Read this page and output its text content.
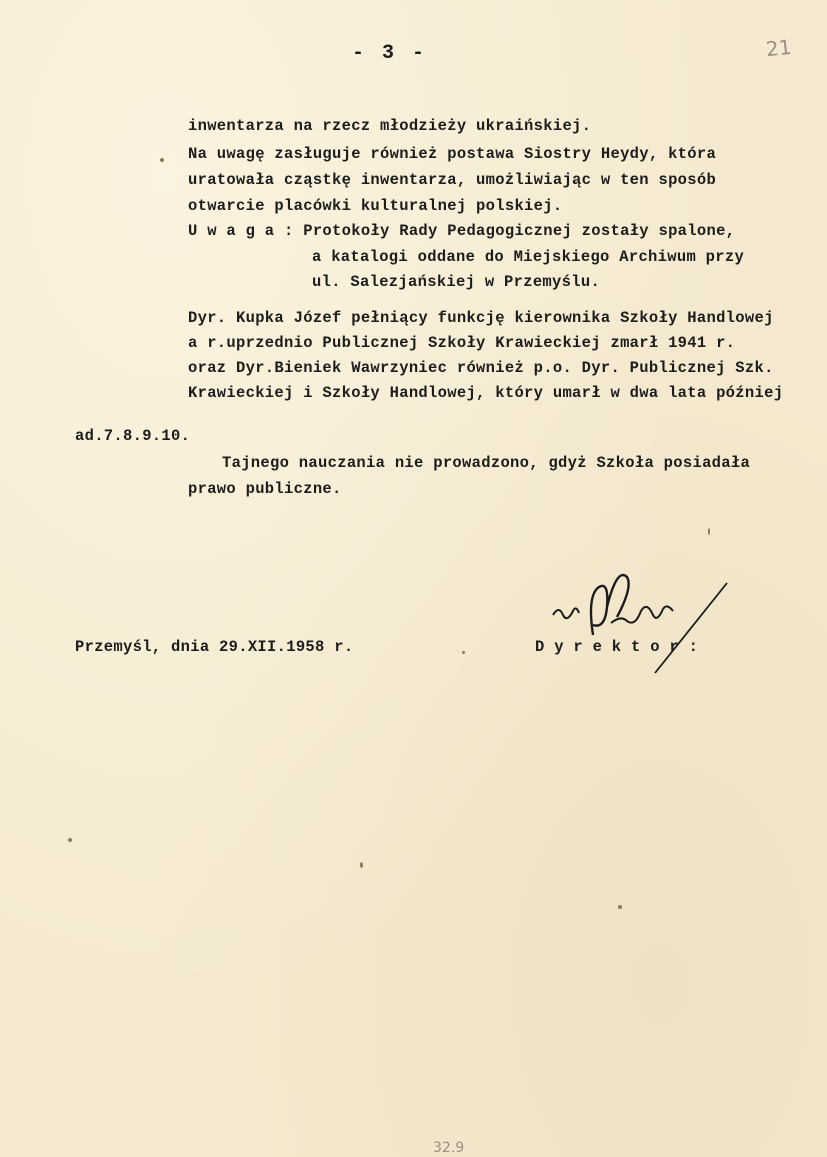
- 3 -	21
inwentarza na rzecz młodzieży ukraińskiej.
Na uwagę zasługuje również postawa Siostry Heydy, która
uratowała cząstkę inwentarza, umożliwiając w ten sposób
otwarcie placówki kulturalnej polskiej.
U w a g a : Protokoły Rady Pedagogicznej zostały spalone,
a katalogi oddane do Miejskiego Archiwum przy
ul. Salezjańskiej w Przemyślu.
Dyr. Kupka Józef pełniący funkcję kierownika Szkoły Handlowej
a r.uprzednio Publicznej Szkoły Krawieckiej zmarł 1941 r.
oraz Dyr.Bieniek Wawrzyniec również p.o. Dyr. Publicznej Szk.
Krawieckiej i Szkoły Handlowej, który umarł w dwa lata później
ad.7.8.9.10.
Tajnego nauczania nie prowadzono, gdyż Szkoła posiadała
prawo publiczne.
Przemyśl, dnia 29.XII.1958 r.	D y r e k t o r :
32.9
